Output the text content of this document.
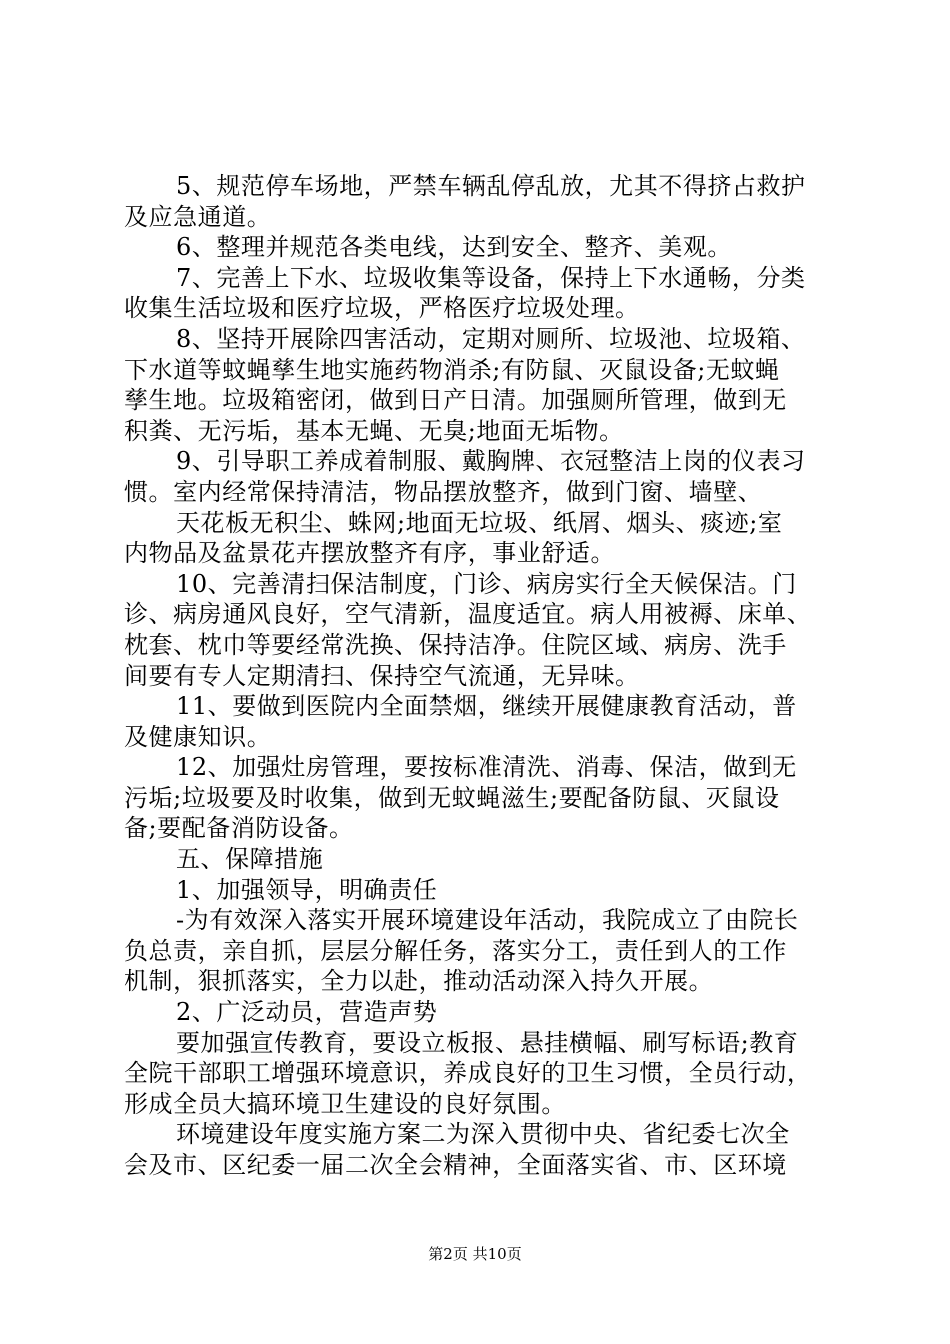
5、规范停车场地，严禁车辆乱停乱放，尤其不得挤占救护
及应急通道。
6、整理并规范各类电线，达到安全、整齐、美观。
7、完善上下水、垃圾收集等设备，保持上下水通畅，分类
收集生活垃圾和医疗垃圾，严格医疗垃圾处理。
8、坚持开展除四害活动，定期对厕所、垃圾池、垃圾箱、
下水道等蚊蝇孳生地实施药物消杀;有防鼠、灭鼠设备;无蚊蝇
孳生地。垃圾箱密闭，做到日产日清。加强厕所管理，做到无
积粪、无污垢，基本无蝇、无臭;地面无垢物。
9、引导职工养成着制服、戴胸牌、衣冠整洁上岗的仪表习
惯。室内经常保持清洁，物品摆放整齐，做到门窗、墙壁、
天花板无积尘、蛛网;地面无垃圾、纸屑、烟头、痰迹;室
内物品及盆景花卉摆放整齐有序，事业舒适。
10、完善清扫保洁制度，门诊、病房实行全天候保洁。门
诊、病房通风良好，空气清新，温度适宜。病人用被褥、床单、
枕套、枕巾等要经常洗换、保持洁净。住院区域、病房、洗手
间要有专人定期清扫、保持空气流通，无异味。
11、要做到医院内全面禁烟，继续开展健康教育活动，普
及健康知识。
12、加强灶房管理，要按标准清洗、消毒、保洁，做到无
污垢;垃圾要及时收集，做到无蚊蝇滋生;要配备防鼠、灭鼠设
备;要配备消防设备。
五、保障措施
1、加强领导，明确责任
-为有效深入落实开展环境建设年活动，我院成立了由院长
负总责，亲自抓，层层分解任务，落实分工，责任到人的工作
机制，狠抓落实，全力以赴，推动活动深入持久开展。
2、广泛动员，营造声势
要加强宣传教育，要设立板报、悬挂横幅、刷写标语;教育
全院干部职工增强环境意识，养成良好的卫生习惯，全员行动，
形成全员大搞环境卫生建设的良好氛围。
环境建设年度实施方案二为深入贯彻中央、省纪委七次全
会及市、区纪委一届二次全会精神，全面落实省、市、区环境
第2页 共10页
